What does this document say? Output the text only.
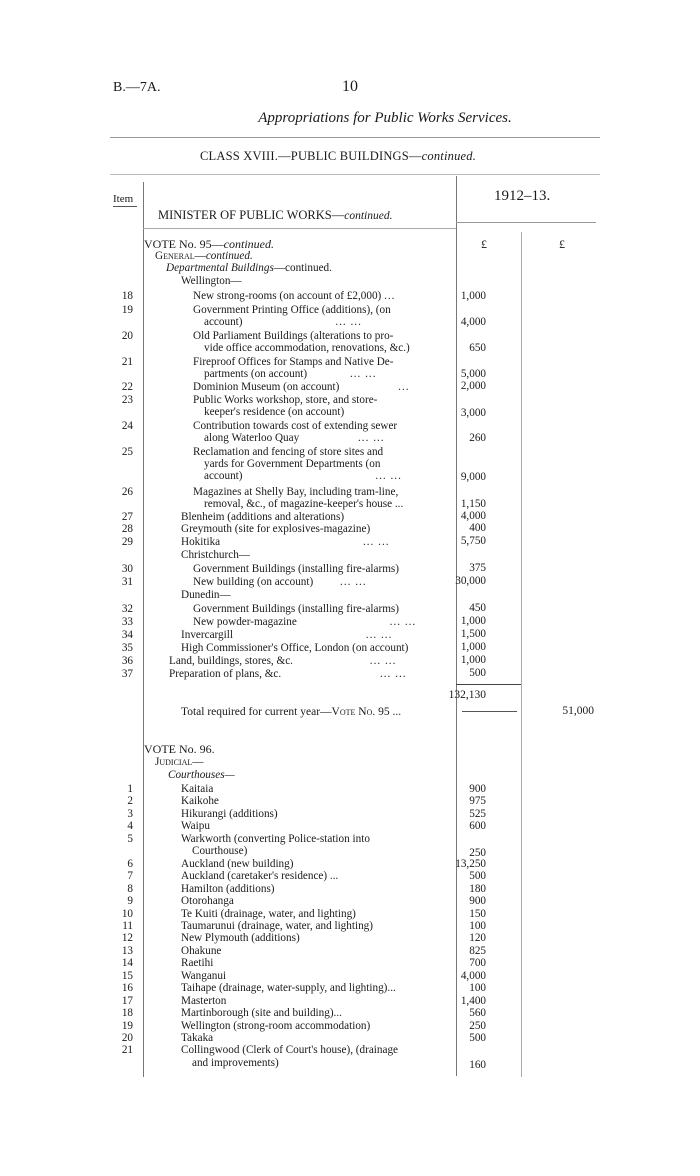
B.—7A.	10
Appropriations for Public Works Services.
CLASS XVIII.—PUBLIC BUILDINGS—continued.
Item	1912–13.
MINISTER OF PUBLIC WORKS—continued.
£	£
VOTE No. 95—continued.
General—continued.
Departmental Buildings—continued.
Wellington—
18	New strong-rooms (on account of £2,000) ...	1,000
19	Government Printing Office (additions), (on
account)	... ...	4,000
20	Old Parliament Buildings (alterations to pro-
vide office accommodation, renovations, &c.)	650
21	Fireproof Offices for Stamps and Native De-
partments (on account)	... ...	5,000
22	Dominion Museum (on account)	...	2,000
23	Public Works workshop, store, and store-
keeper's residence (on account)	3,000
24	Contribution towards cost of extending sewer
along Waterloo Quay	... ...	260
25	Reclamation and fencing of store sites and
yards for Government Departments (on
account)	... ...	9,000
26	Magazines at Shelly Bay, including tram-line,
removal, &c., of magazine-keeper's house ...	1,150
27	Blenheim (additions and alterations)	4,000
28	Greymouth (site for explosives-magazine)	400
29	Hokitika	... ...	5,750
Christchurch—
30	Government Buildings (installing fire-alarms)	375
31	New building (on account) ... ...	30,000
Dunedin—
32	Government Buildings (installing fire-alarms)	450
33	New powder-magazine	... ...	1,000
34	Invercargill	... ...	1,500
35	High Commissioner's Office, London (on account)	1,000
36	Land, buildings, stores, &c.	... ...	1,000
37	Preparation of plans, &c.	... ...	500
132,130
Total required for current year—Vote No. 95 ...	51,000
VOTE No. 96.
Judicial—
Courthouses—
1	Kaitaia	900
2	Kaikohe	975
3	Hikurangi (additions)	525
4	Waipu	600
5	Warkworth (converting Police-station into
Courthouse)	250
6	Auckland (new building)	13,250
7	Auckland (caretaker's residence) ...	500
8	Hamilton (additions)	180
9	Otorohanga	900
10	Te Kuiti (drainage, water, and lighting)	150
11	Taumarunui (drainage, water, and lighting)	100
12	New Plymouth (additions)	120
13	Ohakune	825
14	Raetihi	700
15	Wanganui	4,000
16	Taihape (drainage, water-supply, and lighting)...	100
17	Masterton	1,400
18	Martinborough (site and building)...	560
19	Wellington (strong-room accommodation)	250
20	Takaka	500
21	Collingwood (Clerk of Court's house), (drainage
and improvements)	160
